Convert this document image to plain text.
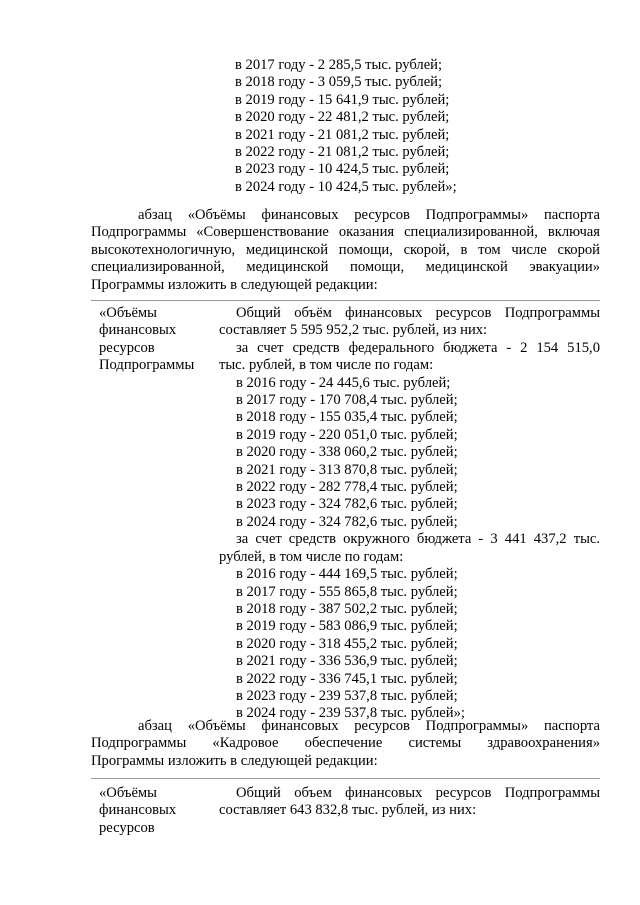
в 2017 году - 2 285,5 тыс. рублей;
в 2018 году - 3 059,5 тыс. рублей;
в 2019 году - 15 641,9 тыс. рублей;
в 2020 году - 22 481,2 тыс. рублей;
в 2021 году - 21 081,2 тыс. рублей;
в 2022 году - 21 081,2 тыс. рублей;
в 2023 году - 10 424,5 тыс. рублей;
в 2024 году - 10 424,5 тыс. рублей»;
абзац «Объёмы финансовых ресурсов Подпрограммы» паспорта
Подпрограммы «Совершенствование оказания специализированной, включая
высокотехнологичную, медицинской помощи, скорой, в том числе скорой
специализированной, медицинской помощи, медицинской эвакуации»
Программы изложить в следующей редакции:
«Объёмы
финансовых
ресурсов
Подпрограммы
Общий объём финансовых ресурсов Подпрограммы
составляет 5 595 952,2 тыс. рублей, из них:
за счет средств федерального бюджета - 2 154 515,0
тыс. рублей, в том числе по годам:
в 2016 году - 24 445,6 тыс. рублей;
в 2017 году - 170 708,4 тыс. рублей;
в 2018 году - 155 035,4 тыс. рублей;
в 2019 году - 220 051,0 тыс. рублей;
в 2020 году - 338 060,2 тыс. рублей;
в 2021 году - 313 870,8 тыс. рублей;
в 2022 году - 282 778,4 тыс. рублей;
в 2023 году - 324 782,6 тыс. рублей;
в 2024 году - 324 782,6 тыс. рублей;
за счет средств окружного бюджета - 3 441 437,2 тыс.
рублей, в том числе по годам:
в 2016 году - 444 169,5 тыс. рублей;
в 2017 году - 555 865,8 тыс. рублей;
в 2018 году - 387 502,2 тыс. рублей;
в 2019 году - 583 086,9 тыс. рублей;
в 2020 году - 318 455,2 тыс. рублей;
в 2021 году - 336 536,9 тыс. рублей;
в 2022 году - 336 745,1 тыс. рублей;
в 2023 году - 239 537,8 тыс. рублей;
в 2024 году - 239 537,8 тыс. рублей»;
абзац «Объёмы финансовых ресурсов Подпрограммы» паспорта
Подпрограммы «Кадровое обеспечение системы здравоохранения»
Программы изложить в следующей редакции:
«Объёмы
финансовых
ресурсов
Общий объем финансовых ресурсов Подпрограммы
составляет 643 832,8 тыс. рублей, из них:
